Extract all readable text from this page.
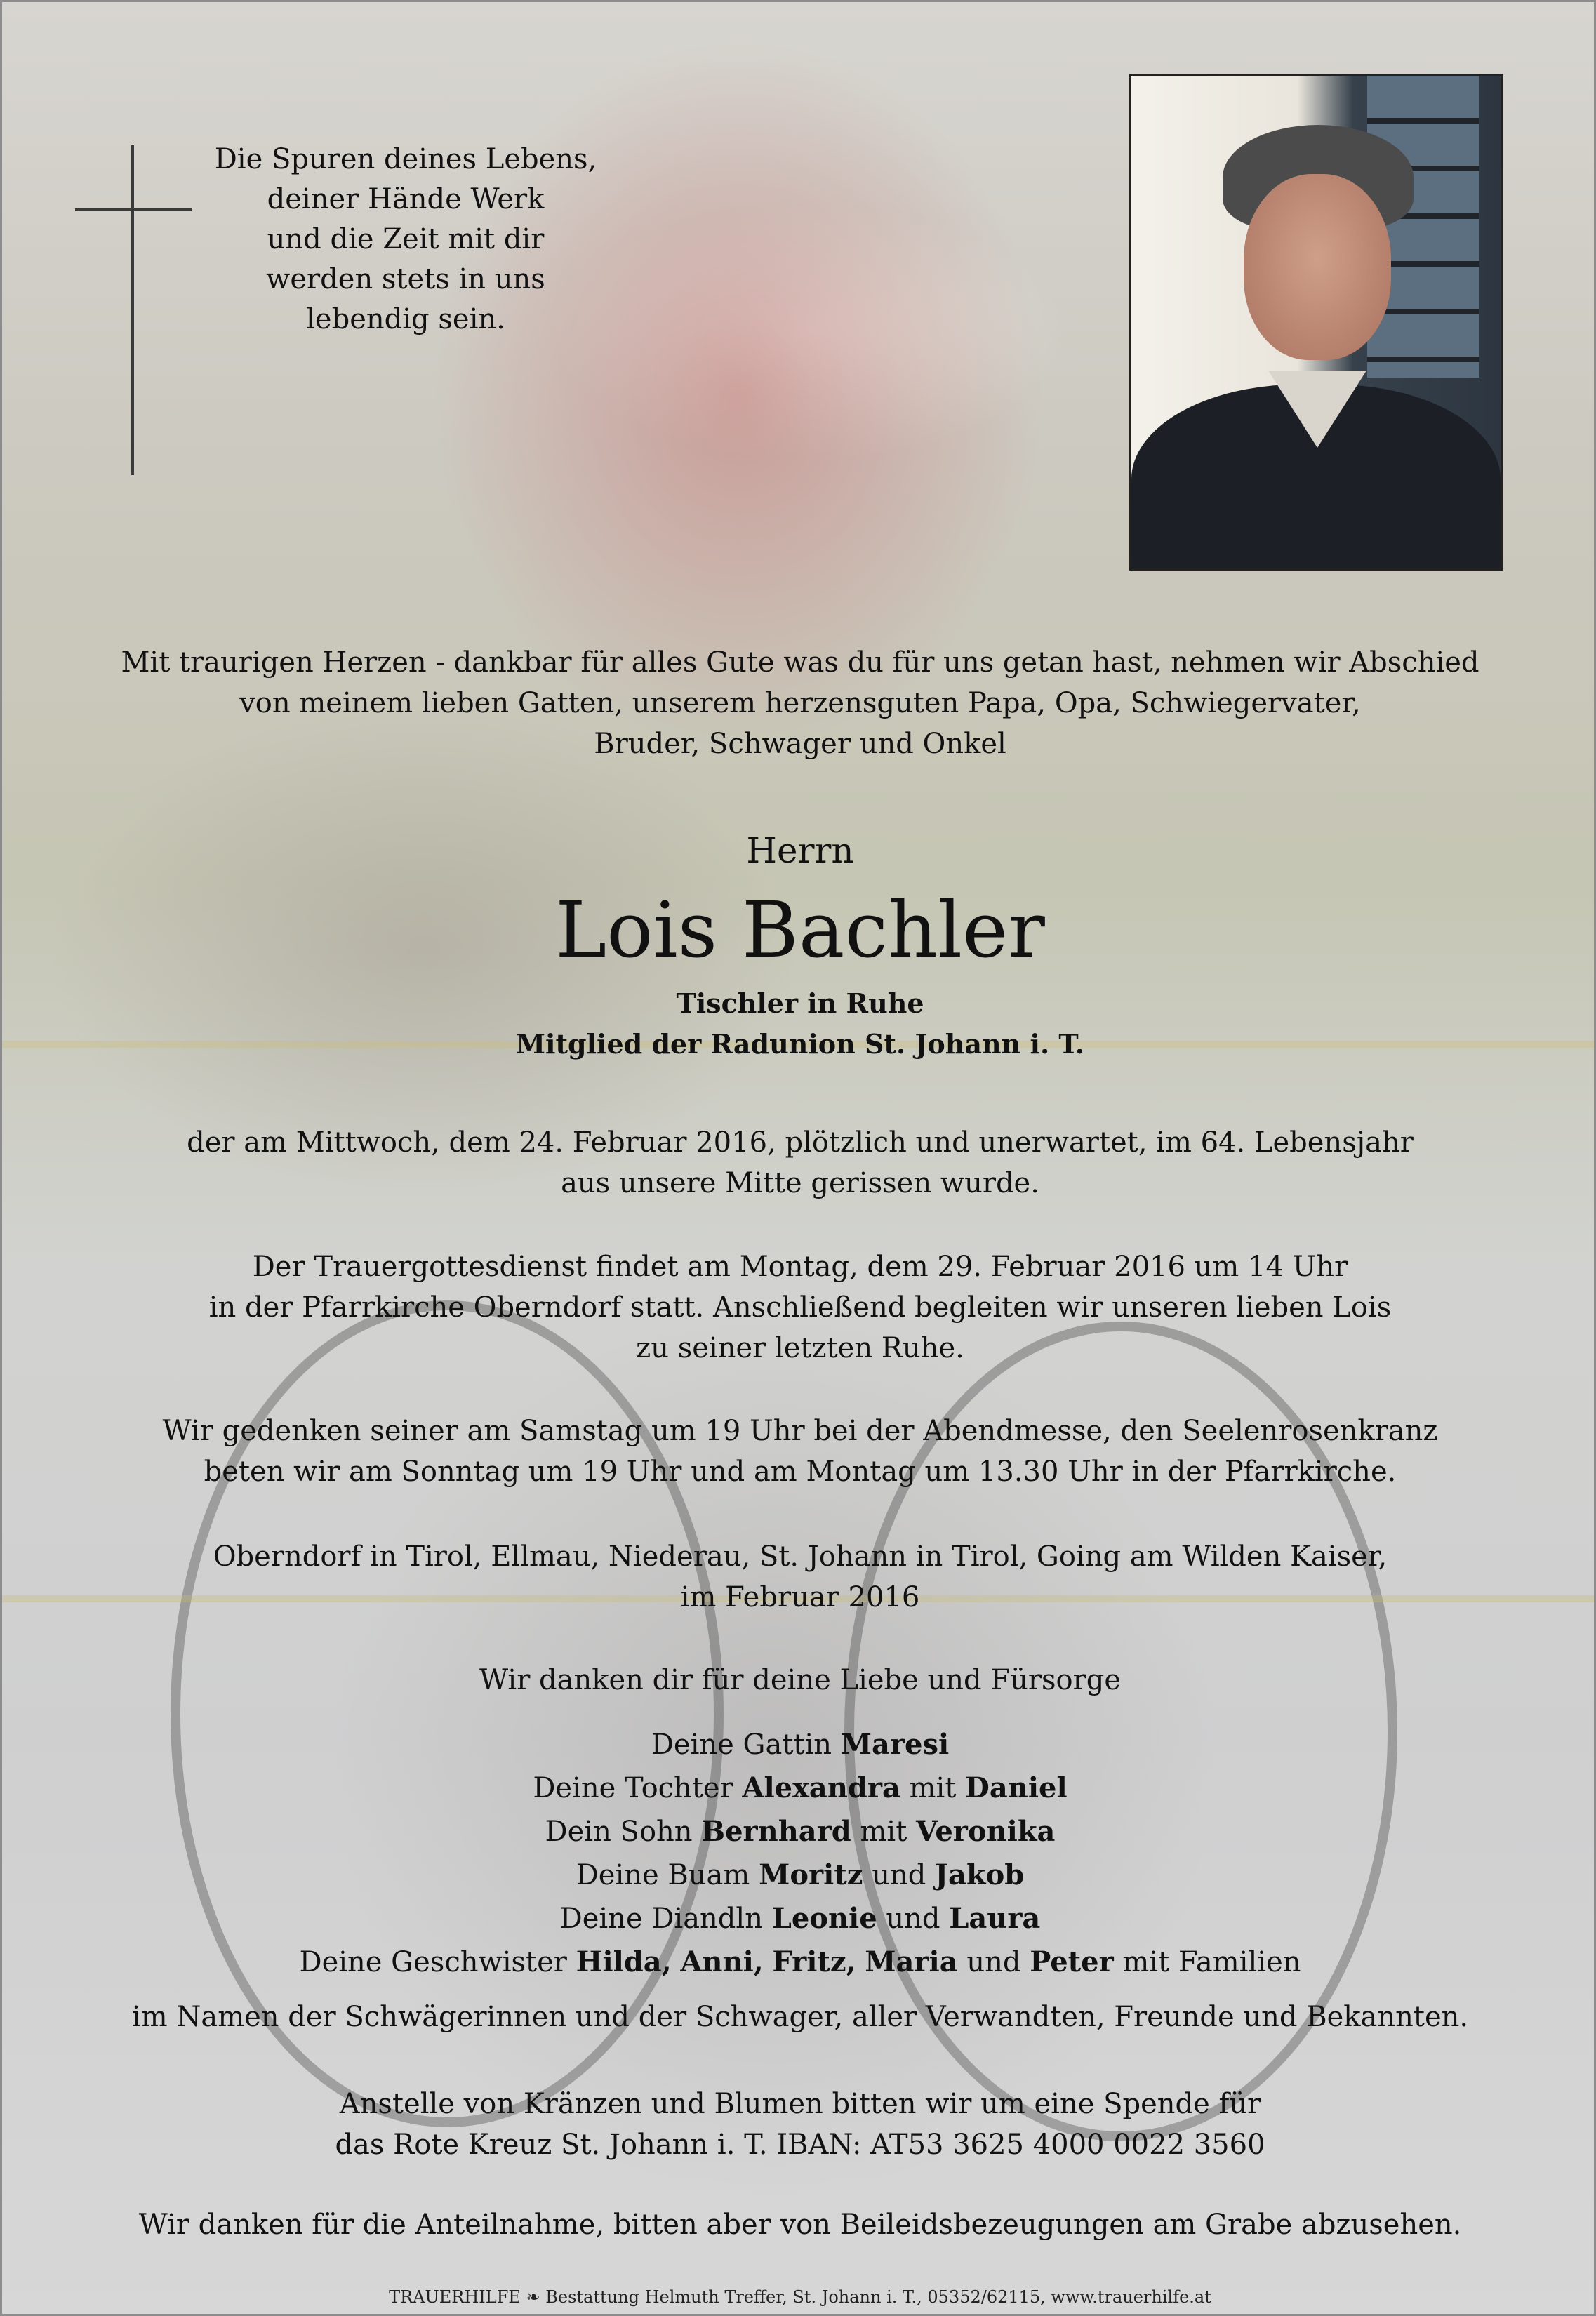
Die Spuren deines Lebens,
deiner Hände Werk
und die Zeit mit dir
werden stets in uns
lebendig sein.
Mit traurigen Herzen - dankbar für alles Gute was du für uns getan hast, nehmen wir Abschied
von meinem lieben Gatten, unserem herzensguten Papa, Opa, Schwiegervater,
Bruder, Schwager und Onkel
Herrn
Lois Bachler
Tischler in Ruhe
Mitglied der Radunion St. Johann i. T.
der am Mittwoch, dem 24. Februar 2016, plötzlich und unerwartet, im 64. Lebensjahr
aus unsere Mitte gerissen wurde.
Der Trauergottesdienst findet am Montag, dem 29. Februar 2016 um 14 Uhr
in der Pfarrkirche Oberndorf statt. Anschließend begleiten wir unseren lieben Lois
zu seiner letzten Ruhe.
Wir gedenken seiner am Samstag um 19 Uhr bei der Abendmesse, den Seelenrosenkranz
beten wir am Sonntag um 19 Uhr und am Montag um 13.30 Uhr in der Pfarrkirche.
Oberndorf in Tirol, Ellmau, Niederau, St. Johann in Tirol, Going am Wilden Kaiser,
im Februar 2016
Wir danken dir für deine Liebe und Fürsorge
Deine Gattin Maresi
Deine Tochter Alexandra mit Daniel
Dein Sohn Bernhard mit Veronika
Deine Buam Moritz und Jakob
Deine Diandln Leonie und Laura
Deine Geschwister Hilda, Anni, Fritz, Maria und Peter mit Familien
im Namen der Schwägerinnen und der Schwager, aller Verwandten, Freunde und Bekannten.
Anstelle von Kränzen und Blumen bitten wir um eine Spende für
das Rote Kreuz St. Johann i. T. IBAN: AT53 3625 4000 0022 3560
Wir danken für die Anteilnahme, bitten aber von Beileidsbezeugungen am Grabe abzusehen.
TRAUERHILFE ❧ Bestattung Helmuth Treffer, St. Johann i. T., 05352/62115, www.trauerhilfe.at
